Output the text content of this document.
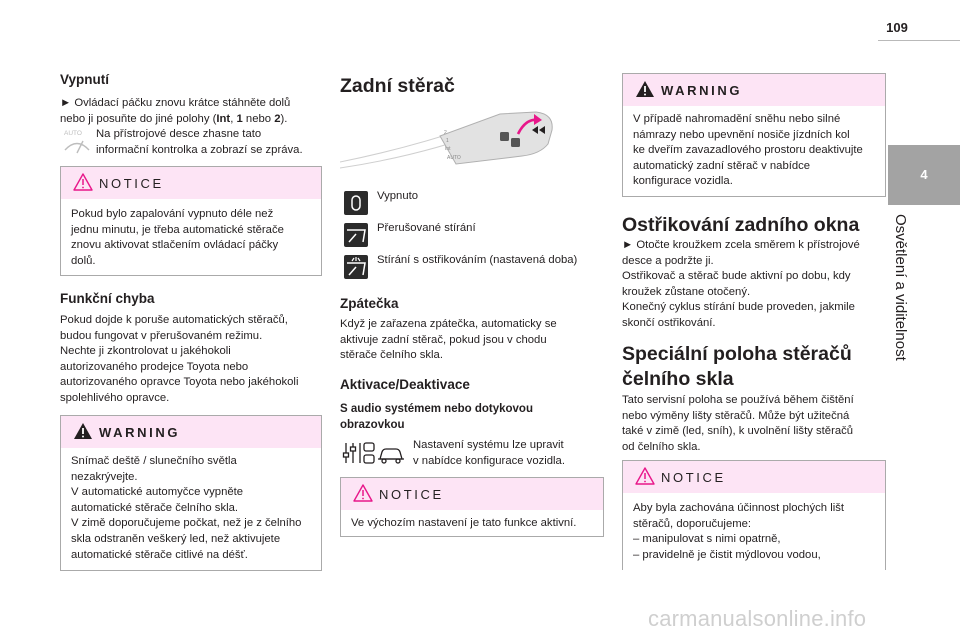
109
4
Osvětlení a viditelnost
Vypnutí

► Ovládací páčku znovu krátce stáhněte dolů

nebo ji posuňte do jiné polohy (Int, 1 nebo 2).

AUTO Na přístrojové desce zhasne tato

informační kontrolka a zobrazí se zpráva.

NOTICE
Pokud bylo zapalování vypnuto déle než
jednu minutu, je třeba automatické stěrače
znovu aktivovat stlačením ovládací páčky
dolů.
Funkční chyba
Pokud dojde k poruše automatických stěračů,
budou fungovat v přerušovaném režimu.
Nechte ji zkontrolovat u jakéhokoli
autorizovaného prodejce Toyota nebo
autorizovaného opravce Toyota nebo jakéhokoli
spolehlivého opravce.
WARNING
Snímač deště / slunečního světla
nezakrývejte.
V automatické automyčce vypněte
automatické stěrače čelního skla.
V zimě doporučujeme počkat, než je z čelního
skla odstraněn veškerý led, než aktivujete
automatické stěrače citlivé na déšť.
Zadní stěrač
2
1
Int
AUTO

Vypnuto

Přerušované stírání

Stírání s ostřikováním (nastavená doba)

Zpátečka
Když je zařazena zpátečka, automaticky se
aktivuje zadní stěrač, pokud jsou v chodu
stěrače čelního skla.
Aktivace/Deaktivace

S audio systémem nebo dotykovou

obrazovkou

Nastavení systému lze upravit
v nabídce konfigurace vozidla.
NOTICE
Ve výchozím nastavení je tato funkce aktivní.
WARNING
V případě nahromadění sněhu nebo silné
námrazy nebo upevnění nosiče jízdních kol
ke dveřím zavazadlového prostoru deaktivujte
automatický zadní stěrač v nabídce
konfigurace vozidla.
Ostřikování zadního okna
► Otočte kroužkem zcela směrem k přístrojové
desce a podržte ji.
Ostřikovač a stěrač bude aktivní po dobu, kdy
kroužek zůstane otočený.
Konečný cyklus stírání bude proveden, jakmile
skončí ostřikování.
Speciální poloha stěračů
čelního skla
Tato servisní poloha se používá během čištění
nebo výměny lišty stěračů. Může být užitečná
také v zimě (led, sníh), k uvolnění lišty stěračů
od čelního skla.
NOTICE
Aby byla zachována účinnost plochých lišt
stěračů, doporučujeme:
– manipulovat s nimi opatrně,
– pravidelně je čistit mýdlovou vodou,
carmanualsonline.info
